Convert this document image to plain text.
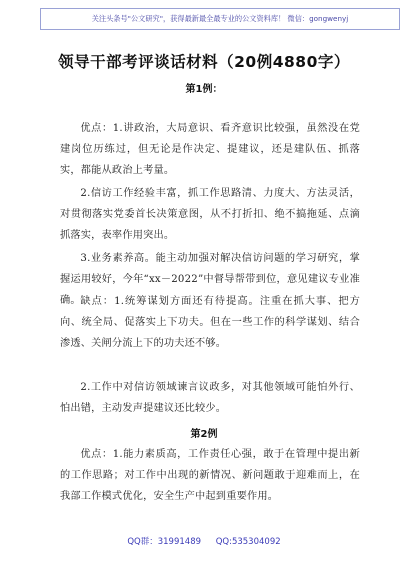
关注头条号"公文研究"，获得最新最全最专业的公文资料库！ 微信：gongwenyj
领导干部考评谈话材料（20例4880字）
第1例：

优点：1.讲政治，大局意识、看齐意识比较强，虽然没在党建岗位历练过，但无论是作决定、提建议，还是建队伍、抓落实，都能从政治上考量。

2.信访工作经验丰富，抓工作思路清、力度大、方法灵活，对贯彻落实党委首长决策意图，从不打折扣、绝不搞拖延、点滴抓落实，表率作用突出。

3.业务素养高。能主动加强对解决信访问题的学习研究，掌握运用较好，今年“xx－2022”中督导帮带到位，意见建议专业准确。 缺点：1.统筹谋划方面还有待提高。注重在抓大事、把方向、统全局、促落实上下功夫。但在一些工作的科学谋划、结合渗透、关闸分流上下的功夫还不够。

2.工作中对信访领域谏言议政多，对其他领域可能怕外行、怕出错，主动发声提建议还比较少。

第2例

优点：1.能力素质高，工作责任心强，敢于在管理中提出新的工作思路；对工作中出现的新情况、新问题敢于迎难而上，在我部工作模式优化，安全生产中起到重要作用。

QQ群：31991489 QQ:535304092
